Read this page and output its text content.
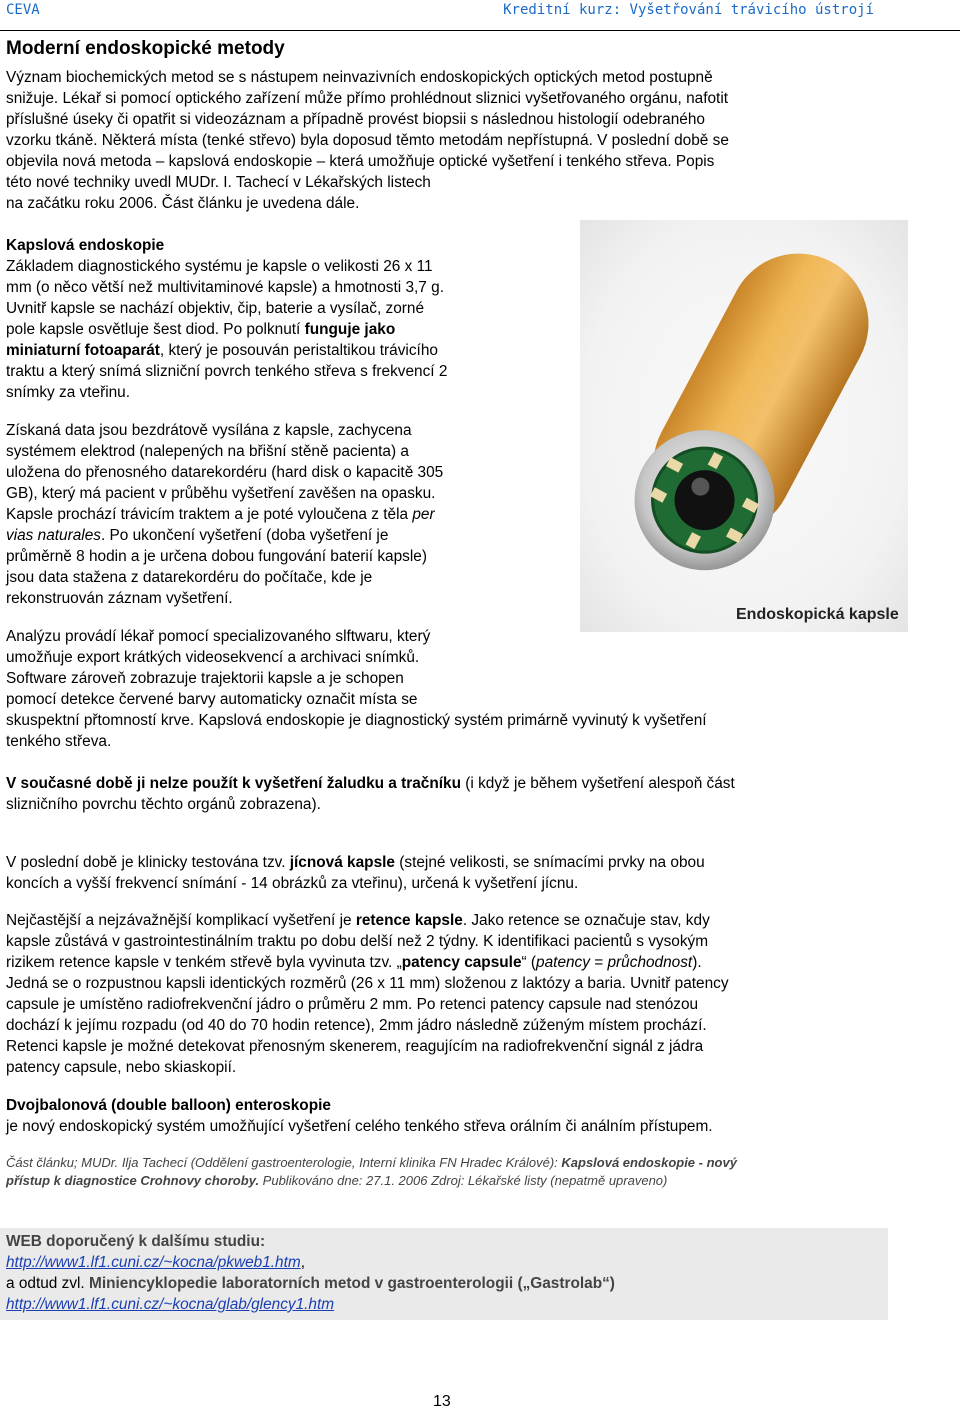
CEVA	Kreditní kurz: Vyšetřování trávicího ústrojí
Moderní endoskopické metody

Význam biochemických metod se s nástupem neinvazivních endoskopických optických metod postupně

snižuje. Lékař si pomocí optického zařízení může přímo prohlédnout sliznici vyšetřovaného orgánu, nafotit

příslušné úseky či opatřit si videozáznam a případně provést biopsii s následnou histologií odebraného

vzorku tkáně. Některá místa (tenké střevo) byla doposud těmto metodám nepřístupná. V poslední době se

objevila nová metoda – kapslová endoskopie – která umožňuje optické vyšetření i tenkého střeva. Popis

této nové techniky uvedl MUDr. I. Tachecí v Lékařských listech

na začátku roku 2006. Část článku je uvedena dále.

Kapslová endoskopie

Základem diagnostického systému je kapsle o velikosti 26 x 11

mm (o něco větší než multivitaminové kapsle) a hmotnosti 3,7 g.

Uvnitř kapsle se nachází objektiv, čip, baterie a vysílač, zorné

pole kapsle osvětluje šest diod. Po polknutí funguje jako

miniaturní fotoaparát, který je posouván peristaltikou trávicího

traktu a který snímá slizniční povrch tenkého střeva s frekvencí 2

snímky za vteřinu.

Získaná data jsou bezdrátově vysílána z kapsle, zachycena

systémem elektrod (nalepených na břišní stěně pacienta) a

uložena do přenosného datarekordéru (hard disk o kapacitě 305

GB), který má pacient v průběhu vyšetření zavěšen na opasku.

Kapsle prochází trávicím traktem a je poté vyloučena z těla per

vias naturales. Po ukončení vyšetření (doba vyšetření je

průměrně 8 hodin a je určena dobou fungování baterií kapsle)

jsou data stažena z datarekordéru do počítače, kde je

rekonstruován záznam vyšetření.

Endoskopická kapsle

Analýzu provádí lékař pomocí specializovaného slftwaru, který

umožňuje export krátkých videosekvencí a archivaci snímků.

Software zároveň zobrazuje trajektorii kapsle a je schopen

pomocí detekce červené barvy automaticky označit místa se

skuspektní přtomností krve. Kapslová endoskopie je diagnostický systém primárně vyvinutý k vyšetření

tenkého střeva.

V současné době ji nelze použít k vyšetření žaludku a tračníku (i když je během vyšetření alespoň část

slizničního povrchu těchto orgánů zobrazena).

V poslední době je klinicky testována tzv. jícnová kapsle (stejné velikosti, se snímacími prvky na obou

koncích a vyšší frekvencí snímání - 14 obrázků za vteřinu), určená k vyšetření jícnu.

Nejčastější a nejzávažnější komplikací vyšetření je retence kapsle. Jako retence se označuje stav, kdy

kapsle zůstává v gastrointestinálním traktu po dobu delší než 2 týdny. K identifikaci pacientů s vysokým

rizikem retence kapsle v tenkém střevě byla vyvinuta tzv. „patency capsule“ (patency = průchodnost).

Jedná se o rozpustnou kapsli identických rozměrů (26 x 11 mm) složenou z laktózy a baria. Uvnitř patency

capsule je umístěno radiofrekvenční jádro o průměru 2 mm. Po retenci patency capsule nad stenózou

dochází k jejímu rozpadu (od 40 do 70 hodin retence), 2mm jádro následně zúženým místem prochází.

Retenci kapsle je možné detekovat přenosným skenerem, reagujícím na radiofrekvenční signál z jádra

patency capsule, nebo skiaskopií.

Dvojbalonová (double balloon) enteroskopie

je nový endoskopický systém umožňující vyšetření celého tenkého střeva orálním či análním přístupem.

Část článku; MUDr. Ilja Tachecí (Oddělení gastroenterologie, Interní klinika FN Hradec Králové): Kapslová endoskopie - nový

přístup k diagnostice Crohnovy choroby. Publikováno dne: 27.1. 2006 Zdroj: Lékařské listy (nepatmě upraveno)

WEB doporučený k dalšímu studiu:

http://www1.lf1.cuni.cz/~kocna/pkweb1.htm,

a odtud zvl. Miniencyklopedie laboratorních metod v gastroenterologii („Gastrolab“)

http://www1.lf1.cuni.cz/~kocna/glab/glency1.htm

13
